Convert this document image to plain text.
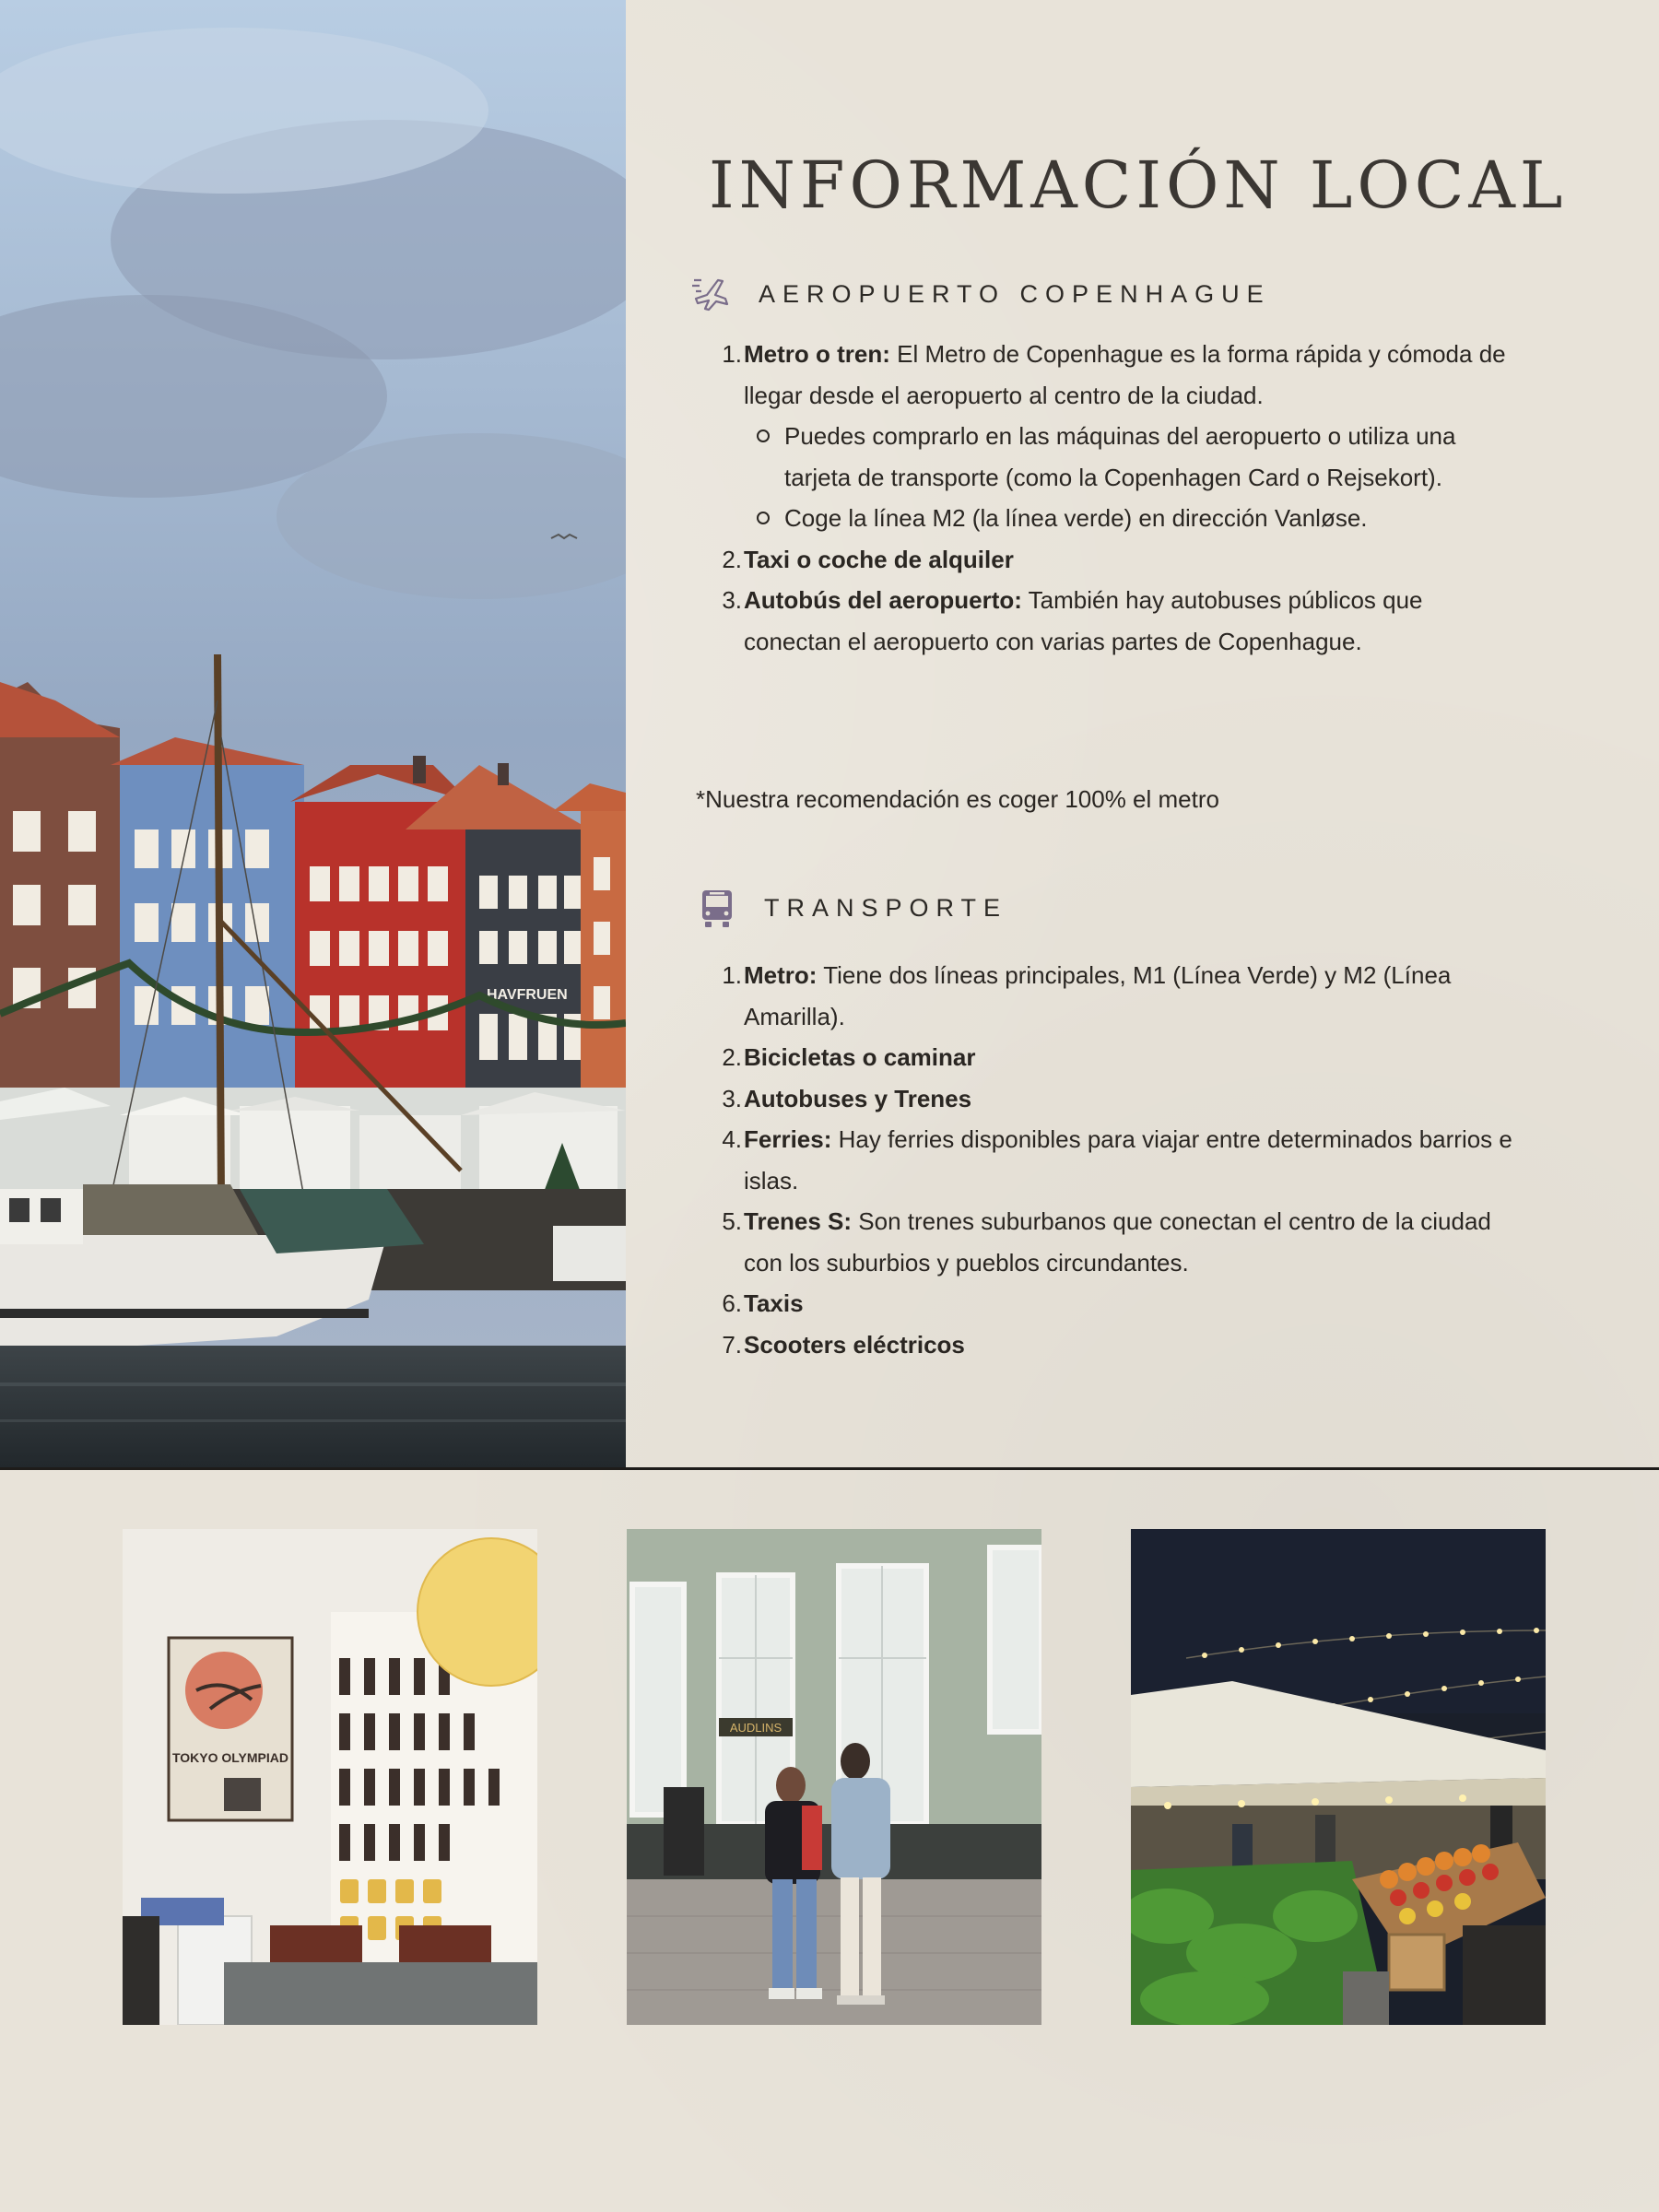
HAVFRUEN
INFORMACIÓN LOCAL
AEROPUERTO COPENHAGUE
1. Metro o tren: El Metro de Copenhague es la forma rápida y cómoda de llegar desde el aeropuerto al centro de la ciudad.
Puedes comprarlo en las máquinas del aeropuerto o utiliza una tarjeta de transporte (como la Copenhagen Card o Rejsekort).
Coge la línea M2 (la línea verde) en dirección Vanløse.
2. Taxi o coche de alquiler
3. Autobús del aeropuerto: También hay autobuses públicos que conectan el aeropuerto con varias partes de Copenhague.

*Nuestra recomendación es coger 100% el metro

TRANSPORTE
1. Metro: Tiene dos líneas principales, M1 (Línea Verde) y M2 (Línea Amarilla).
2. Bicicletas o caminar
3. Autobuses y Trenes
4. Ferries: Hay ferries disponibles para viajar entre determinados barrios e islas.
5. Trenes S: Son trenes suburbanos que conectan el centro de la ciudad con los suburbios y pueblos circundantes.
6. Taxis
7. Scooters eléctricos
TOKYO OLYMPIAD
AUDLINS
